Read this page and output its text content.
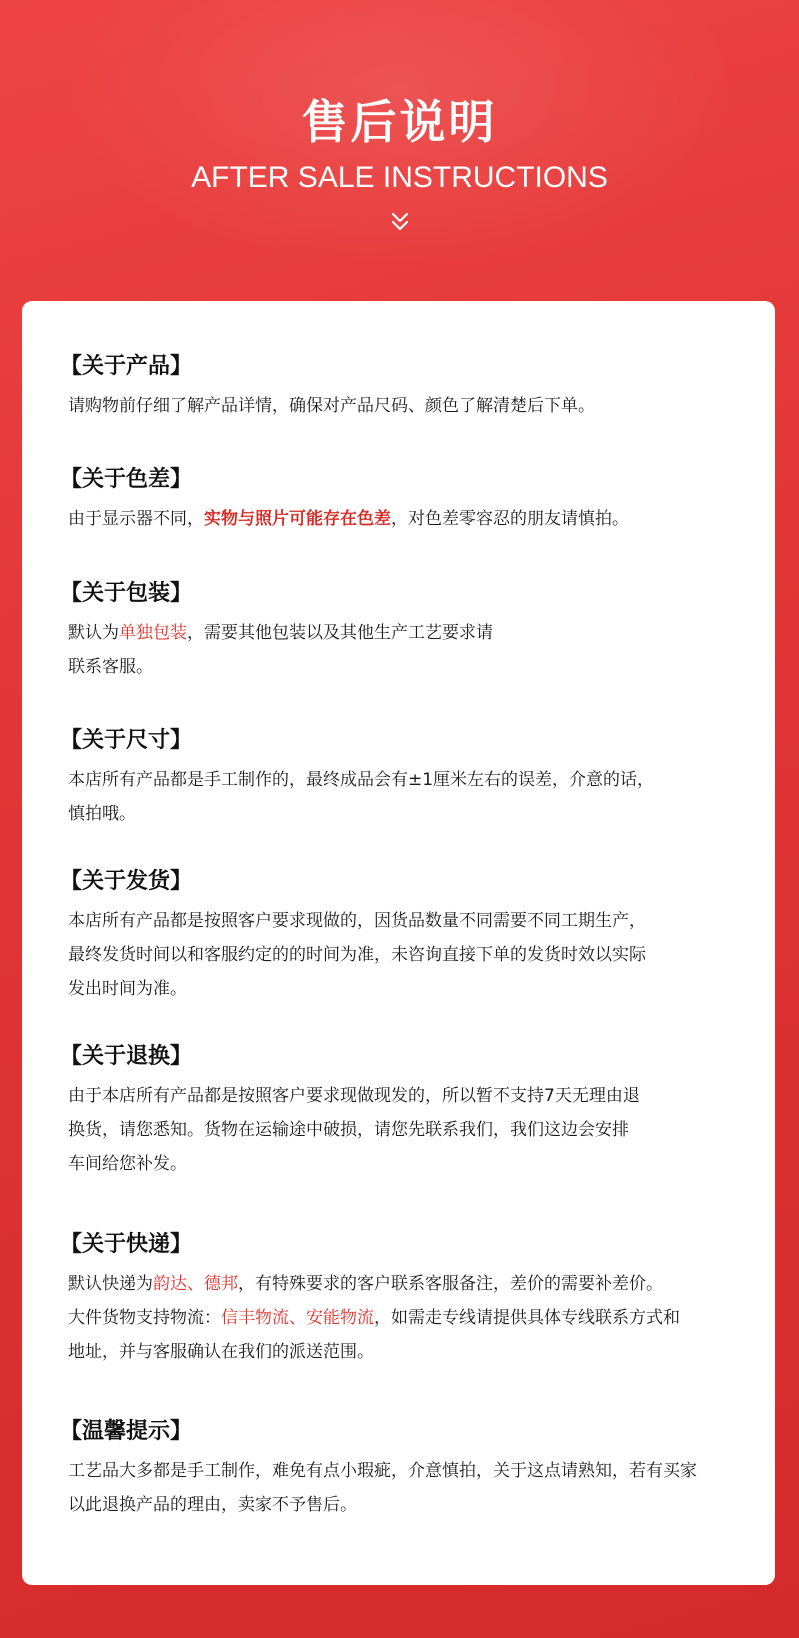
售后说明
AFTER SALE INSTRUCTIONS
【关于产品】
请购物前仔细了解产品详情，确保对产品尺码、颜色了解清楚后下单。
【关于色差】
由于显示器不同，实物与照片可能存在色差，对色差零容忍的朋友请慎拍。
【关于包装】
默认为单独包装，需要其他包装以及其他生产工艺要求请
联系客服。
【关于尺寸】
本店所有产品都是手工制作的，最终成品会有±1厘米左右的误差，介意的话，
慎拍哦。
【关于发货】
本店所有产品都是按照客户要求现做的，因货品数量不同需要不同工期生产，
最终发货时间以和客服约定的的时间为准，未咨询直接下单的发货时效以实际
发出时间为准。
【关于退换】
由于本店所有产品都是按照客户要求现做现发的，所以暂不支持7天无理由退
换货，请您悉知。货物在运输途中破损，请您先联系我们，我们这边会安排
车间给您补发。
【关于快递】
默认快递为韵达、德邦，有特殊要求的客户联系客服备注，差价的需要补差价。
大件货物支持物流：信丰物流、安能物流，如需走专线请提供具体专线联系方式和
地址，并与客服确认在我们的派送范围。
【温馨提示】
工艺品大多都是手工制作，难免有点小瑕疵，介意慎拍，关于这点请熟知，若有买家
以此退换产品的理由，卖家不予售后。
